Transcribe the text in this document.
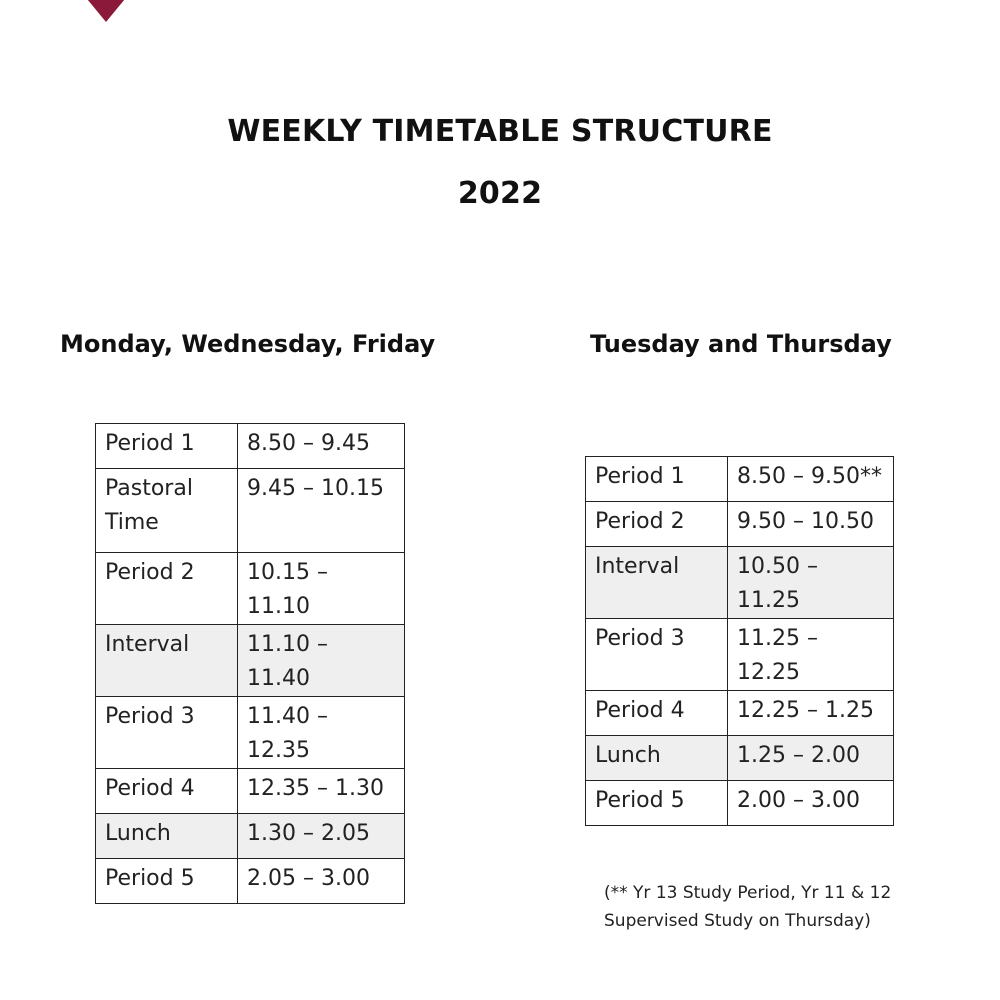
WEEKLY TIMETABLE STRUCTURE
2022
Monday, Wednesday, Friday	Tuesday and Thursday
Period 1	8.50 – 9.45
Pastoral Time	9.45 – 10.15
Period 2	10.15 – 11.10
Interval	11.10 – 11.40
Period 3	11.40 – 12.35
Period 4	12.35 – 1.30
Lunch	1.30 – 2.05
Period 5	2.05 – 3.00
Period 1	8.50 – 9.50**
Period 2	9.50 – 10.50
Interval	10.50 – 11.25
Period 3	11.25 – 12.25
Period 4	12.25 – 1.25
Lunch	1.25 – 2.00
Period 5	2.00 – 3.00
(** Yr 13 Study Period, Yr 11 & 12 Supervised Study on Thursday)
